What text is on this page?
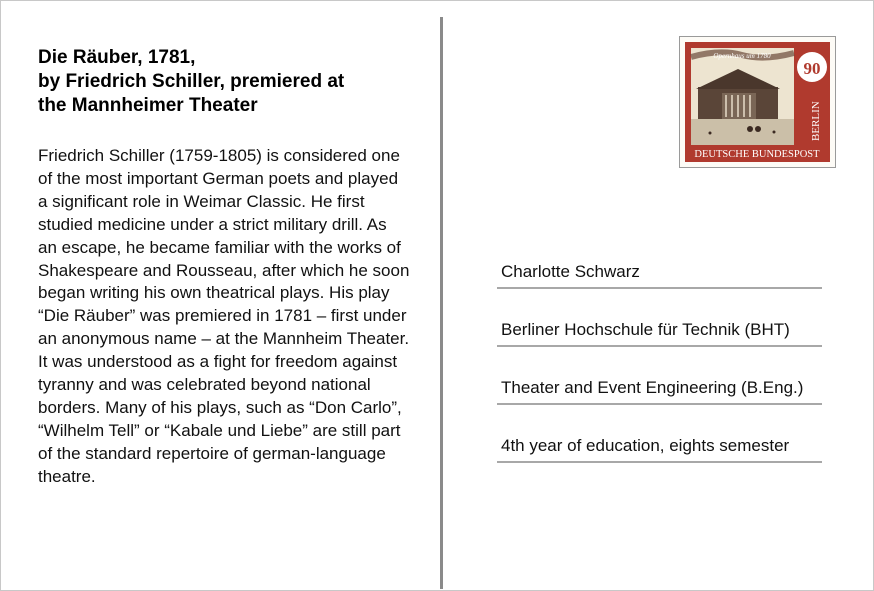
Die Räuber, 1781,
by Friedrich Schiller, premiered at
the Mannheimer Theater
Friedrich Schiller (1759-1805) is considered one of the most important German poets and played a significant role in Weimar Classic. He first studied medicine under a strict military drill. As an escape, he became familiar with the works of Shakespeare and Rousseau, after which he soon began writing his own theatrical plays. His play “Die Räuber” was premiered in 1781 – first under an anonymous name – at the Mannheim Theater. It was understood as a fight for freedom against tyranny and was celebrated beyond national borders. Many of his plays, such as “Don Carlo”, “Wilhelm Tell” or “Kabale und Liebe” are still part of the standard repertoire of german-language theatre.
90
BERLIN
DEUTSCHE BUNDESPOST
Opernhaus um 1780
Charlotte Schwarz
Berliner Hochschule für Technik (BHT)
Theater and Event Engineering (B.Eng.)
4th year of education, eights semester
